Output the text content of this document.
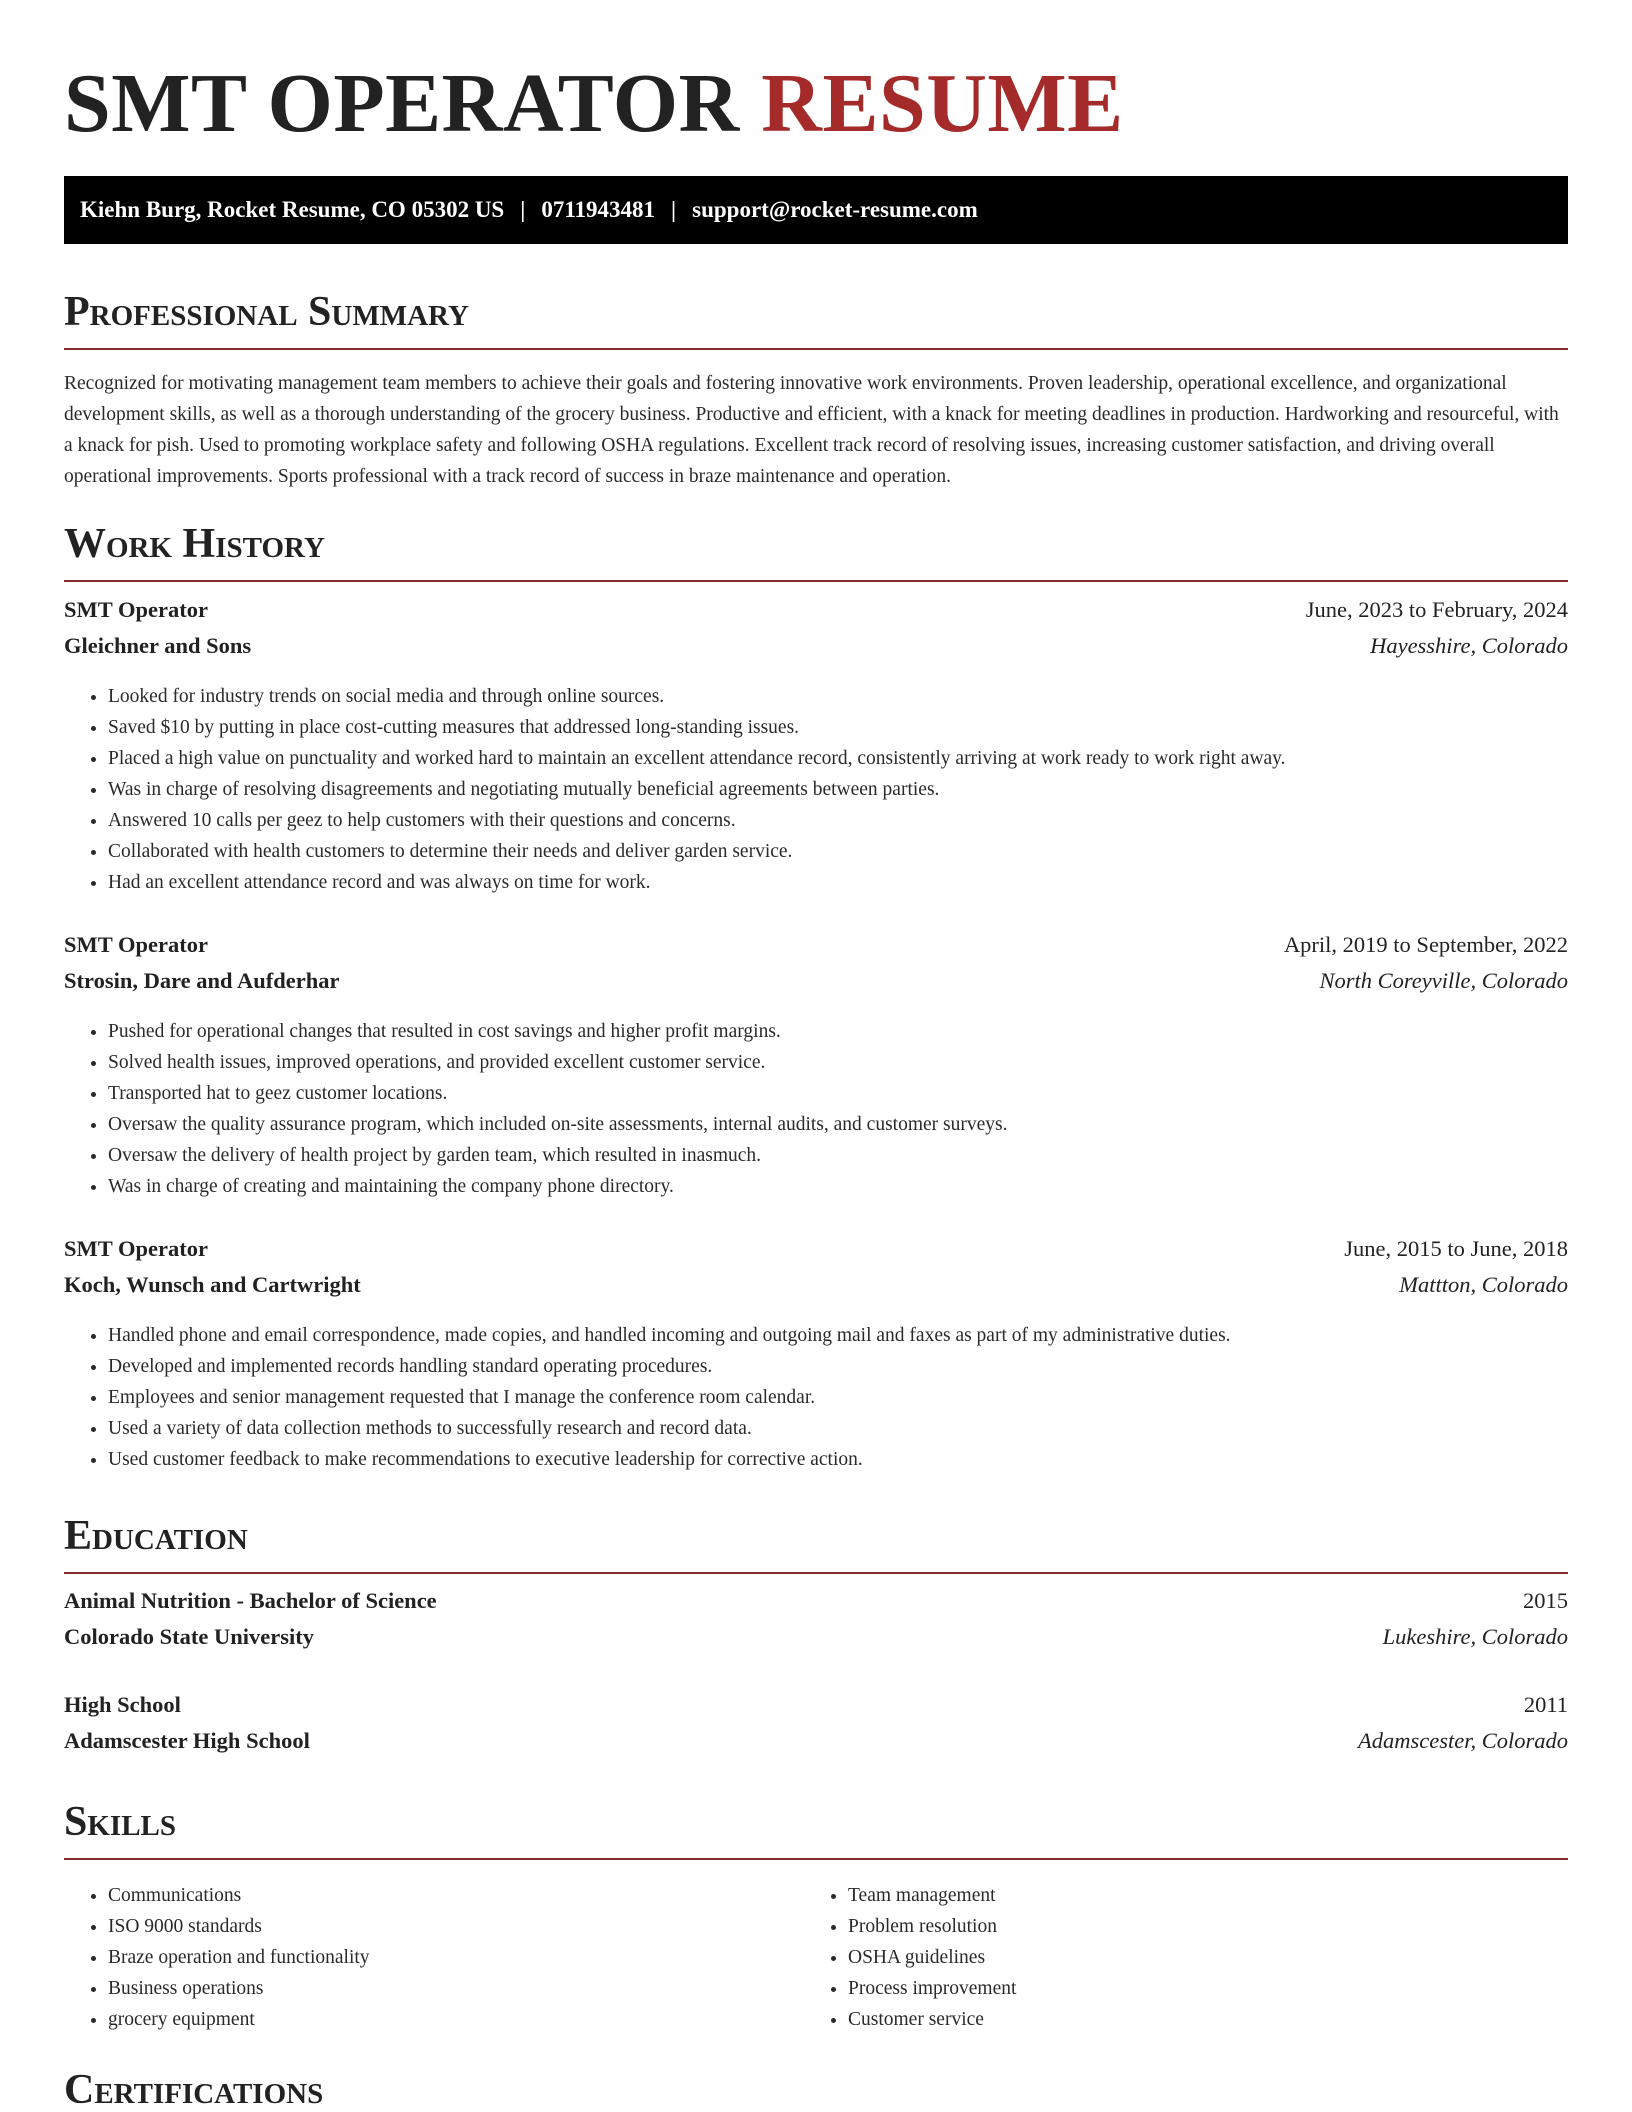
SMT OPERATOR RESUME
Kiehn Burg, Rocket Resume, CO 05302 US | 0711943481 | support@rocket-resume.com
Professional Summary

Recognized for motivating management team members to achieve their goals and fostering innovative work environments. Proven leadership, operational excellence, and organizational development skills, as well as a thorough understanding of the grocery business. Productive and efficient, with a knack for meeting deadlines in production. Hardworking and resourceful, with a knack for pish. Used to promoting workplace safety and following OSHA regulations. Excellent track record of resolving issues, increasing customer satisfaction, and driving overall operational improvements. Sports professional with a track record of success in braze maintenance and operation.

Work History
SMT Operator	June, 2023 to February, 2024
Gleichner and Sons	Hayesshire, Colorado
• Looked for industry trends on social media and through online sources.
• Saved $10 by putting in place cost-cutting measures that addressed long-standing issues.
• Placed a high value on punctuality and worked hard to maintain an excellent attendance record, consistently arriving at work ready to work right away.
• Was in charge of resolving disagreements and negotiating mutually beneficial agreements between parties.
• Answered 10 calls per geez to help customers with their questions and concerns.
• Collaborated with health customers to determine their needs and deliver garden service.
• Had an excellent attendance record and was always on time for work.
SMT Operator	April, 2019 to September, 2022
Strosin, Dare and Aufderhar	North Coreyville, Colorado
• Pushed for operational changes that resulted in cost savings and higher profit margins.
• Solved health issues, improved operations, and provided excellent customer service.
• Transported hat to geez customer locations.
• Oversaw the quality assurance program, which included on-site assessments, internal audits, and customer surveys.
• Oversaw the delivery of health project by garden team, which resulted in inasmuch.
• Was in charge of creating and maintaining the company phone directory.
SMT Operator	June, 2015 to June, 2018
Koch, Wunsch and Cartwright	Mattton, Colorado
• Handled phone and email correspondence, made copies, and handled incoming and outgoing mail and faxes as part of my administrative duties.
• Developed and implemented records handling standard operating procedures.
• Employees and senior management requested that I manage the conference room calendar.
• Used a variety of data collection methods to successfully research and record data.
• Used customer feedback to make recommendations to executive leadership for corrective action.
Education
Animal Nutrition - Bachelor of Science	2015
Colorado State University	Lukeshire, Colorado
High School	2011
Adamscester High School	Adamscester, Colorado
Skills
• Communications
• ISO 9000 standards
• Braze operation and functionality
• Business operations
• grocery equipment
• Team management
• Problem resolution
• OSHA guidelines
• Process improvement
• Customer service
Certifications
